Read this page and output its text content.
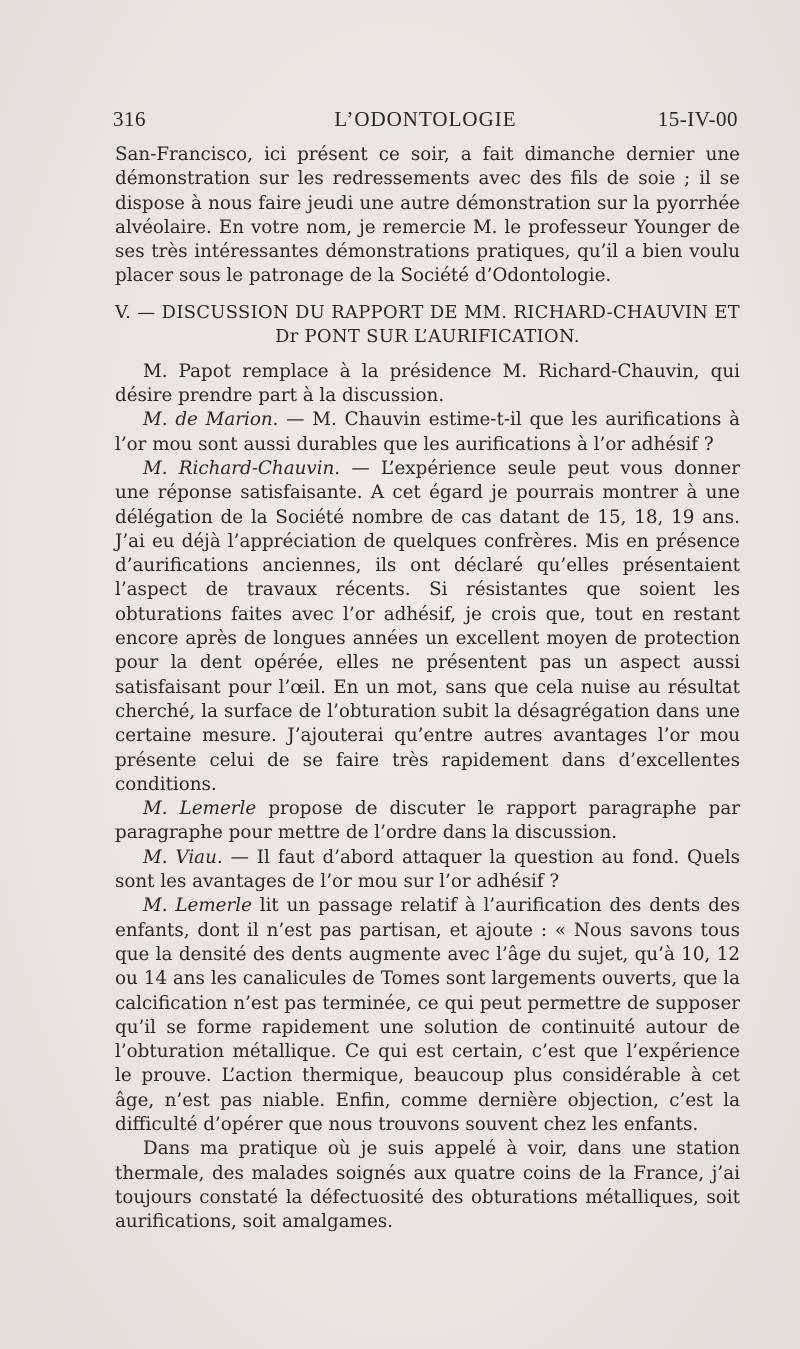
L’ODONTOLOGIE
316	15-IV-00

San-Francisco, ici présent ce soir, a fait dimanche dernier une démonstration sur les redressements avec des fils de soie ; il se dispose à nous faire jeudi une autre démonstration sur la pyorrhée alvéolaire. En votre nom, je remercie M. le professeur Younger de ses très intéressantes démonstrations pratiques, qu’il a bien voulu placer sous le patronage de la Société d’Odontologie.

V. — DISCUSSION DU RAPPORT DE MM. RICHARD-CHAUVIN ET
Dr PONT SUR L’AURIFICATION.

M. Papot remplace à la présidence M. Richard-Chauvin, qui désire prendre part à la discussion.

M. de Marion. — M. Chauvin estime-t-il que les aurifications à l’or mou sont aussi durables que les aurifications à l’or adhésif ?

M. Richard-Chauvin. — L’expérience seule peut vous donner une réponse satisfaisante. A cet égard je pourrais montrer à une délégation de la Société nombre de cas datant de 15, 18, 19 ans. J’ai eu déjà l’appréciation de quelques confrères. Mis en présence d’aurifications anciennes, ils ont déclaré qu’elles présentaient l’aspect de travaux récents. Si résistantes que soient les obturations faites avec l’or adhésif, je crois que, tout en restant encore après de longues années un excellent moyen de protection pour la dent opérée, elles ne présentent pas un aspect aussi satisfaisant pour l’œil. En un mot, sans que cela nuise au résultat cherché, la surface de l’obturation subit la désagrégation dans une certaine mesure. J’ajouterai qu’entre autres avantages l’or mou présente celui de se faire très rapidement dans d’excellentes conditions.

M. Lemerle propose de discuter le rapport paragraphe par paragraphe pour mettre de l’ordre dans la discussion.

M. Viau. — Il faut d’abord attaquer la question au fond. Quels sont les avantages de l’or mou sur l’or adhésif ?

M. Lemerle lit un passage relatif à l’aurification des dents des enfants, dont il n’est pas partisan, et ajoute : « Nous savons tous que la densité des dents augmente avec l’âge du sujet, qu’à 10, 12 ou 14 ans les canalicules de Tomes sont largements ouverts, que la calcification n’est pas terminée, ce qui peut permettre de supposer qu’il se forme rapidement une solution de continuité autour de l’obturation métallique. Ce qui est certain, c’est que l’expérience le prouve. L’action thermique, beaucoup plus considérable à cet âge, n’est pas niable. Enfin, comme dernière objection, c’est la difficulté d’opérer que nous trouvons souvent chez les enfants.

Dans ma pratique où je suis appelé à voir, dans une station thermale, des malades soignés aux quatre coins de la France, j’ai toujours constaté la défectuosité des obturations métalliques, soit aurifications, soit amalgames.
